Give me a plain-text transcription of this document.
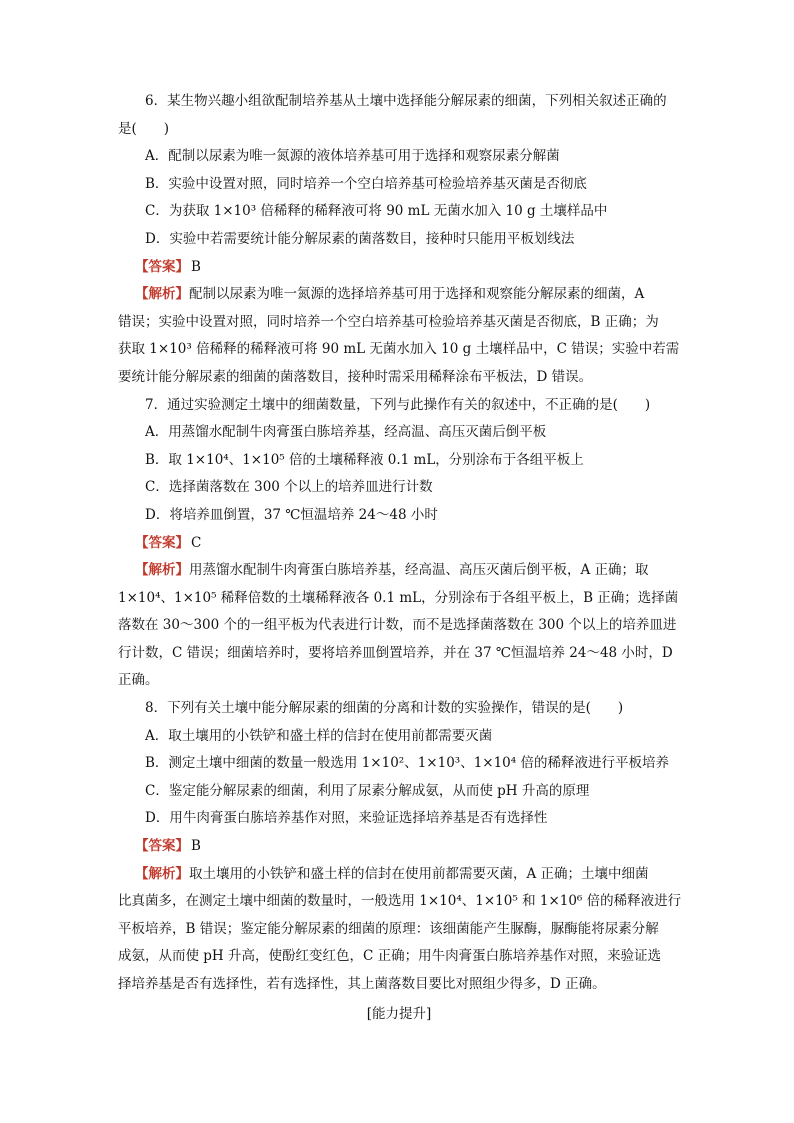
6．某生物兴趣小组欲配制培养基从土壤中选择能分解尿素的细菌，下列相关叙述正确的
是(　　)
A．配制以尿素为唯一氮源的液体培养基可用于选择和观察尿素分解菌
B．实验中设置对照，同时培养一个空白培养基可检验培养基灭菌是否彻底
C．为获取 1×10³ 倍稀释的稀释液可将 90 mL 无菌水加入 10 g 土壤样品中
D．实验中若需要统计能分解尿素的菌落数目，接种时只能用平板划线法
【答案】 B
【解析】配制以尿素为唯一氮源的选择培养基可用于选择和观察能分解尿素的细菌，A
错误；实验中设置对照，同时培养一个空白培养基可检验培养基灭菌是否彻底，B 正确；为
获取 1×10³ 倍稀释的稀释液可将 90 mL 无菌水加入 10 g 土壤样品中，C 错误；实验中若需
要统计能分解尿素的细菌的菌落数目，接种时需采用稀释涂布平板法，D 错误。
7．通过实验测定土壤中的细菌数量，下列与此操作有关的叙述中，不正确的是(　　)
A．用蒸馏水配制牛肉膏蛋白胨培养基，经高温、高压灭菌后倒平板
B．取 1×10⁴、1×10⁵ 倍的土壤稀释液 0.1 mL，分别涂布于各组平板上
C．选择菌落数在 300 个以上的培养皿进行计数
D．将培养皿倒置，37 ℃恒温培养 24～48 小时
【答案】 C
【解析】用蒸馏水配制牛肉膏蛋白胨培养基，经高温、高压灭菌后倒平板，A 正确；取
1×10⁴、1×10⁵ 稀释倍数的土壤稀释液各 0.1 mL，分别涂布于各组平板上，B 正确；选择菌
落数在 30～300 个的一组平板为代表进行计数，而不是选择菌落数在 300 个以上的培养皿进
行计数，C 错误；细菌培养时，要将培养皿倒置培养，并在 37 ℃恒温培养 24～48 小时，D
正确。
8．下列有关土壤中能分解尿素的细菌的分离和计数的实验操作，错误的是(　　)
A．取土壤用的小铁铲和盛土样的信封在使用前都需要灭菌
B．测定土壤中细菌的数量一般选用 1×10²、1×10³、1×10⁴ 倍的稀释液进行平板培养
C．鉴定能分解尿素的细菌，利用了尿素分解成氨，从而使 pH 升高的原理
D．用牛肉膏蛋白胨培养基作对照，来验证选择培养基是否有选择性
【答案】 B
【解析】取土壤用的小铁铲和盛土样的信封在使用前都需要灭菌，A 正确；土壤中细菌
比真菌多，在测定土壤中细菌的数量时，一般选用 1×10⁴、1×10⁵ 和 1×10⁶ 倍的稀释液进行
平板培养，B 错误；鉴定能分解尿素的细菌的原理：该细菌能产生脲酶，脲酶能将尿素分解
成氨，从而使 pH 升高，使酚红变红色，C 正确；用牛肉膏蛋白胨培养基作对照，来验证选
择培养基是否有选择性，若有选择性，其上菌落数目要比对照组少得多，D 正确。
[能力提升]
